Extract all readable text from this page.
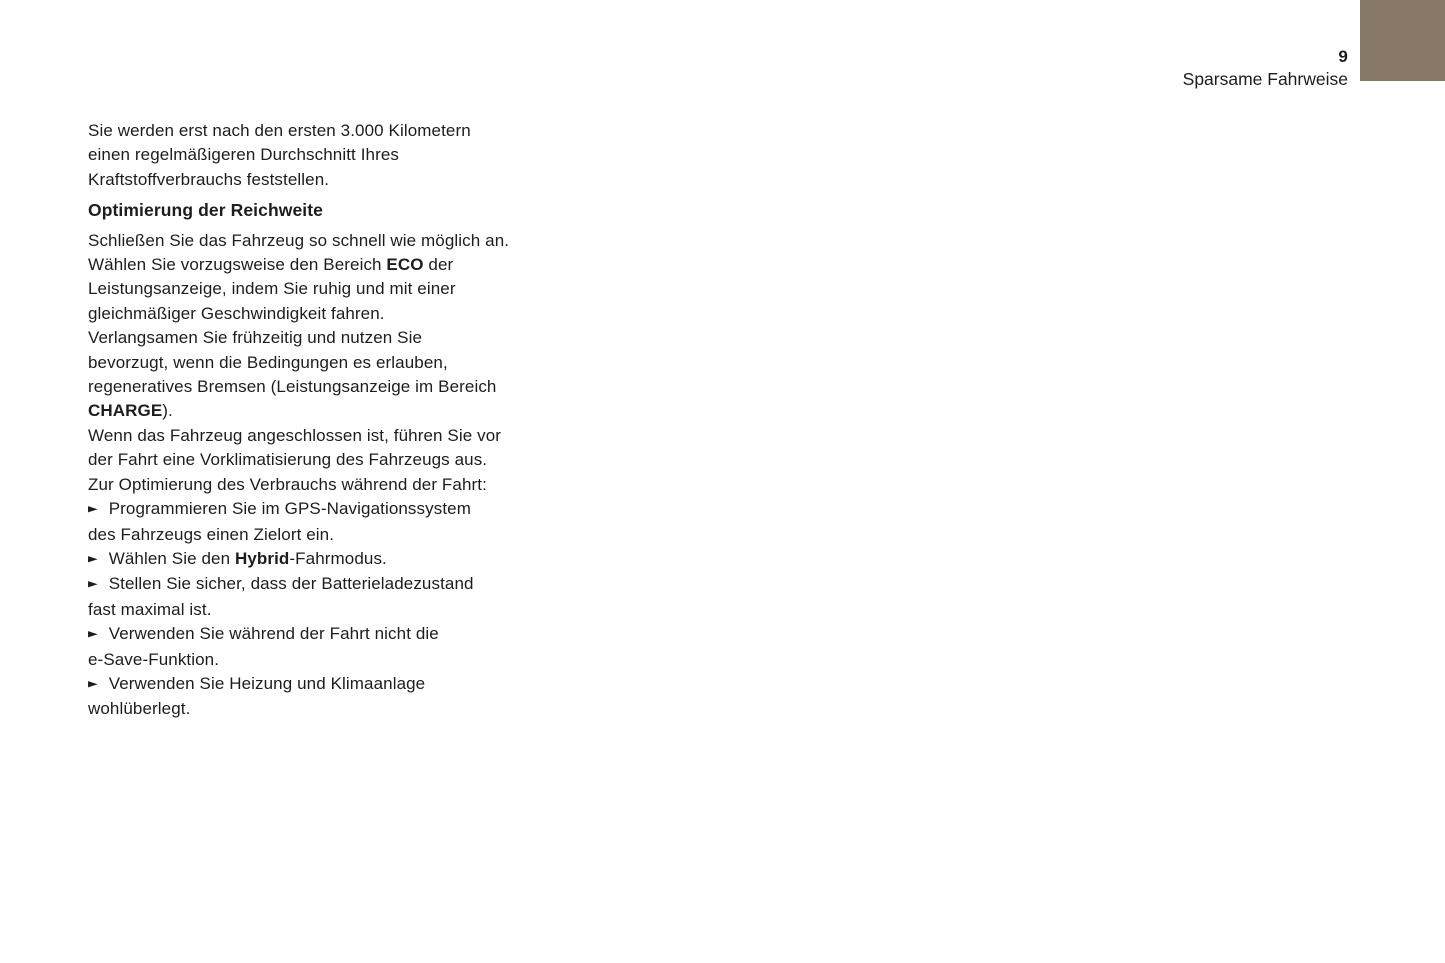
9
Sparsame Fahrweise
Sie werden erst nach den ersten 3.000 Kilometern
einen regelmäßigeren Durchschnitt Ihres
Kraftstoffverbrauchs feststellen.
Optimierung der Reichweite
Schließen Sie das Fahrzeug so schnell wie möglich an.
Wählen Sie vorzugsweise den Bereich ECO der
Leistungsanzeige, indem Sie ruhig und mit einer
gleichmäßiger Geschwindigkeit fahren.
Verlangsamen Sie frühzeitig und nutzen Sie
bevorzugt, wenn die Bedingungen es erlauben,
regeneratives Bremsen (Leistungsanzeige im Bereich
CHARGE).
Wenn das Fahrzeug angeschlossen ist, führen Sie vor
der Fahrt eine Vorklimatisierung des Fahrzeugs aus.
Zur Optimierung des Verbrauchs während der Fahrt:
► Programmieren Sie im GPS-Navigationssystem
des Fahrzeugs einen Zielort ein.
► Wählen Sie den Hybrid-Fahrmodus.
► Stellen Sie sicher, dass der Batterieladezustand
fast maximal ist.
► Verwenden Sie während der Fahrt nicht die
e-Save-Funktion.
► Verwenden Sie Heizung und Klimaanlage
wohlüberlegt.
